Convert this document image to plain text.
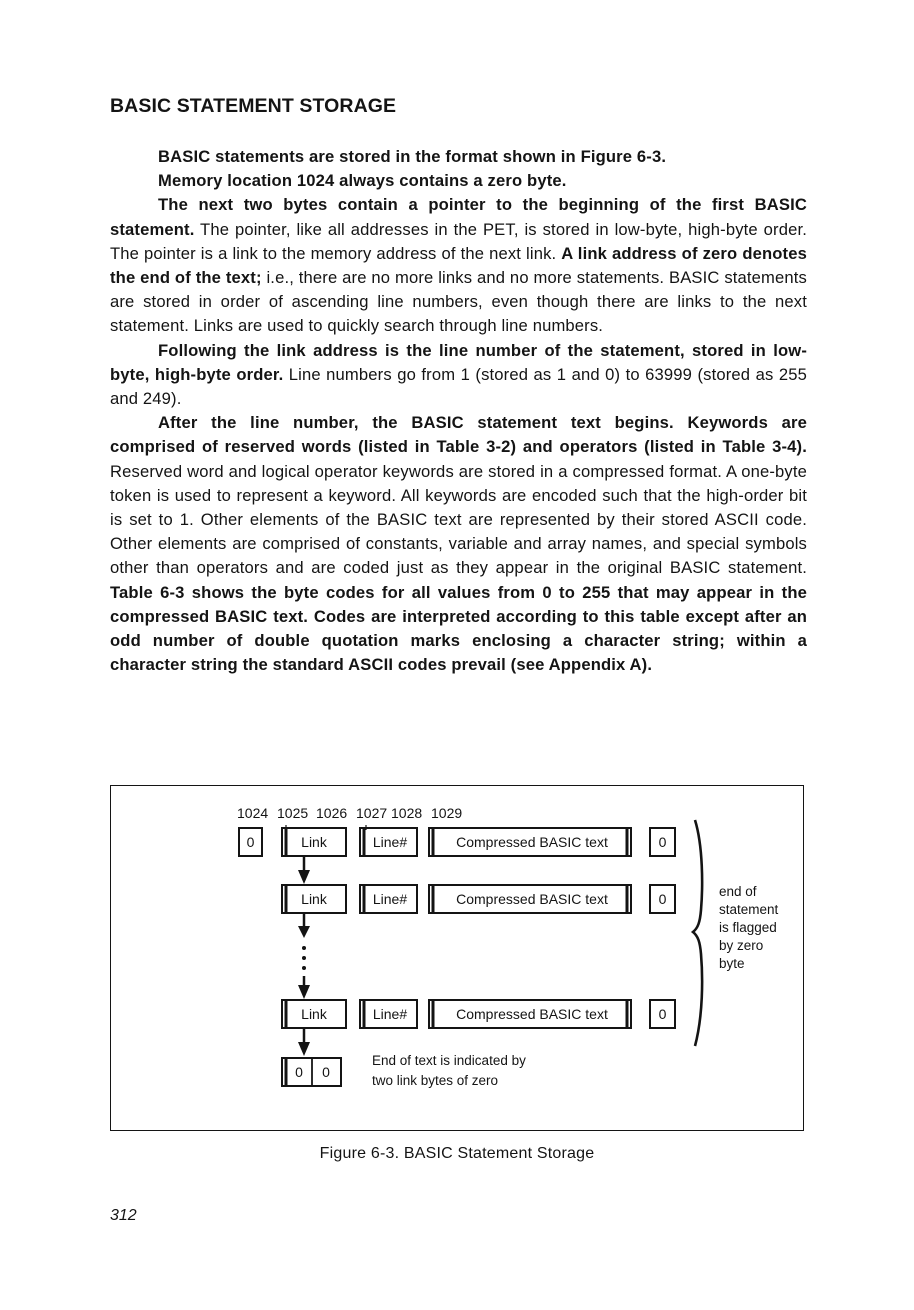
BASIC STATEMENT STORAGE

BASIC statements are stored in the format shown in Figure 6-3.

Memory location 1024 always contains a zero byte.

The next two bytes contain a pointer to the beginning of the first BASIC statement. The pointer, like all addresses in the PET, is stored in low-byte, high-byte order. The pointer is a link to the memory address of the next link. A link address of zero denotes the end of the text; i.e., there are no more links and no more statements. BASIC statements are stored in order of ascending line numbers, even though there are links to the next statement. Links are used to quickly search through line numbers.

Following the link address is the line number of the statement, stored in low-byte, high-byte order. Line numbers go from 1 (stored as 1 and 0) to 63999 (stored as 255 and 249).

After the line number, the BASIC statement text begins. Keywords are comprised of reserved words (listed in Table 3-2) and operators (listed in Table 3-4). Reserved word and logical operator keywords are stored in a compressed format. A one-byte token is used to represent a keyword. All keywords are encoded such that the high-order bit is set to 1. Other elements of the BASIC text are represented by their stored ASCII code. Other elements are comprised of constants, variable and array names, and special symbols other than operators and are coded just as they appear in the original BASIC statement. Table 6-3 shows the byte codes for all values from 0 to 255 that may appear in the compressed BASIC text. Codes are interpreted according to this table except after an odd number of double quotation marks enclosing a character string; within a character string the standard ASCII codes prevail (see Appendix A).

1024 1025 1026 1027 1028 1029
0	Link	Line#	Compressed BASIC text	0
Link	Line#	Compressed BASIC text	0
Link	Line#	Compressed BASIC text	0
0 0
End of text is indicated by
two link bytes of zero
end of
statement
is flagged
by zero
byte
Figure 6-3. BASIC Statement Storage
312
